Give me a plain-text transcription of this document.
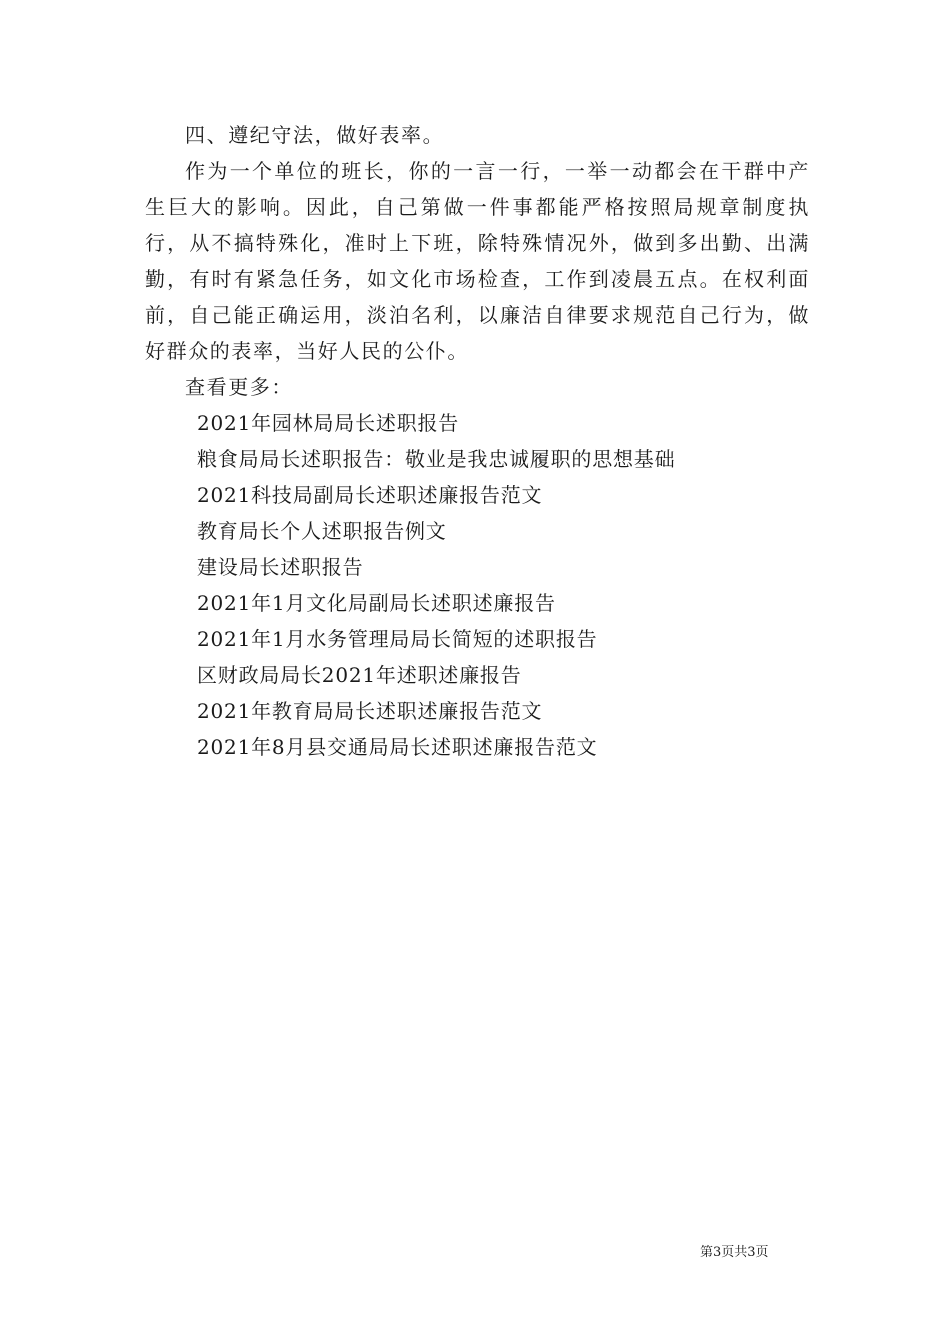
四、遵纪守法，做好表率。

作为一个单位的班长，你的一言一行，一举一动都会在干群中产生巨大的影响。因此，自己第做一件事都能严格按照局规章制度执行，从不搞特殊化，准时上下班，除特殊情况外，做到多出勤、出满勤，有时有紧急任务，如文化市场检查，工作到凌晨五点。在权利面前，自己能正确运用，淡泊名利，以廉洁自律要求规范自己行为，做好群众的表率，当好人民的公仆。

查看更多：

2021年园林局局长述职报告
粮食局局长述职报告：敬业是我忠诚履职的思想基础
2021科技局副局长述职述廉报告范文
教育局长个人述职报告例文
建设局长述职报告
2021年1月文化局副局长述职述廉报告
2021年1月水务管理局局长简短的述职报告
区财政局局长2021年述职述廉报告
2021年教育局局长述职述廉报告范文
2021年8月县交通局局长述职述廉报告范文
第3页共3页
